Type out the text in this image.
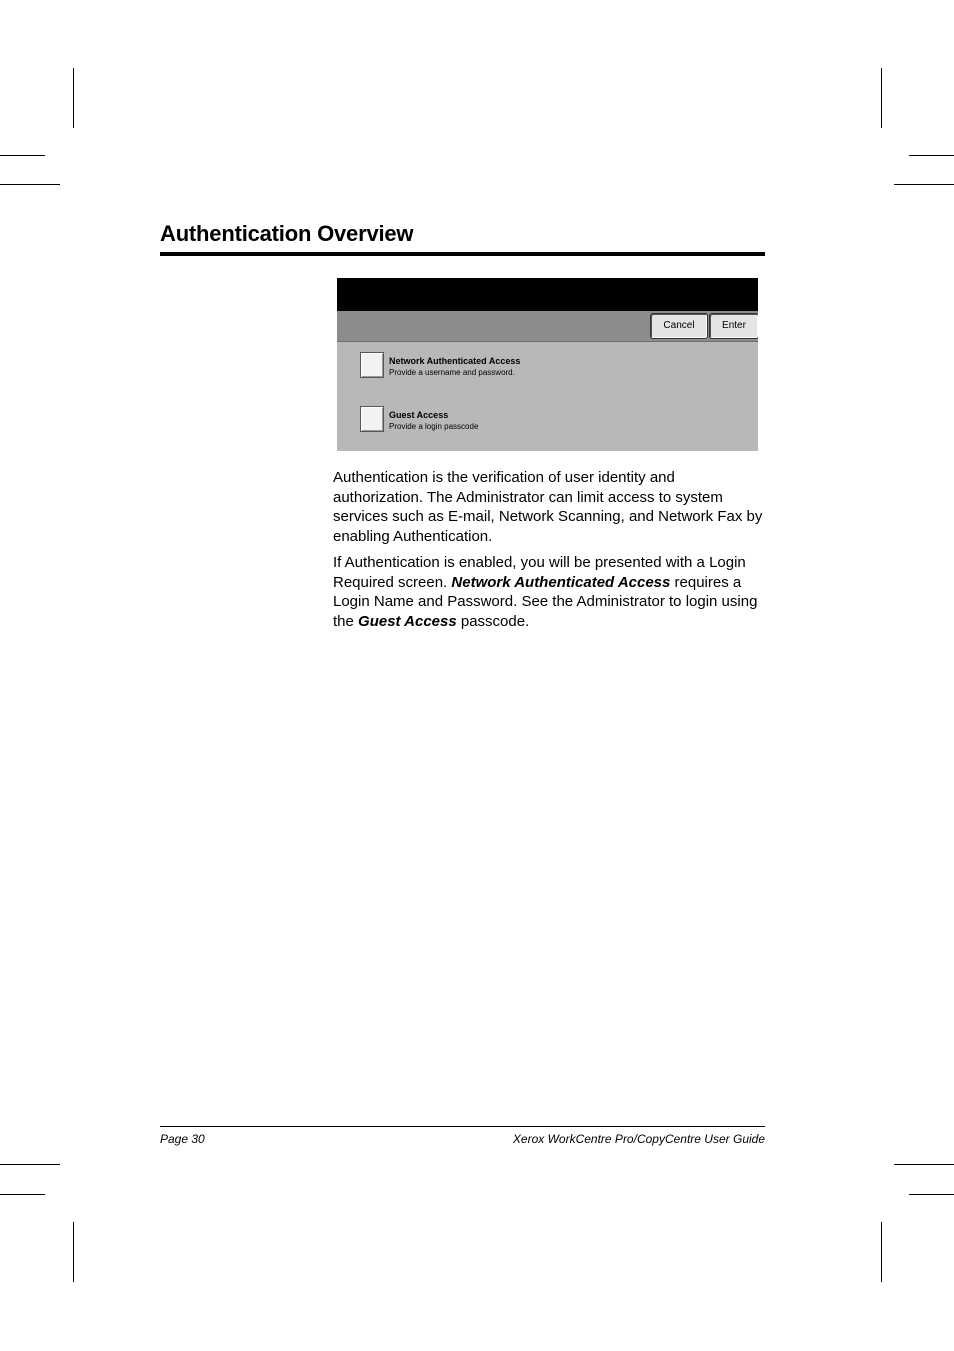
Authentication Overview
Cancel	Enter
Network Authenticated Access
Provide a username and password.
Guest Access
Provide a login passcode

Authentication is the verification of user identity and authorization. The Administrator can limit access to system services such as E-mail, Network Scanning, and Network Fax by enabling Authentication.

If Authentication is enabled, you will be presented with a Login Required screen. Network Authenticated Access requires a Login Name and Password. See the Administrator to login using the Guest Access passcode.

Page 30	Xerox WorkCentre Pro/CopyCentre User Guide
